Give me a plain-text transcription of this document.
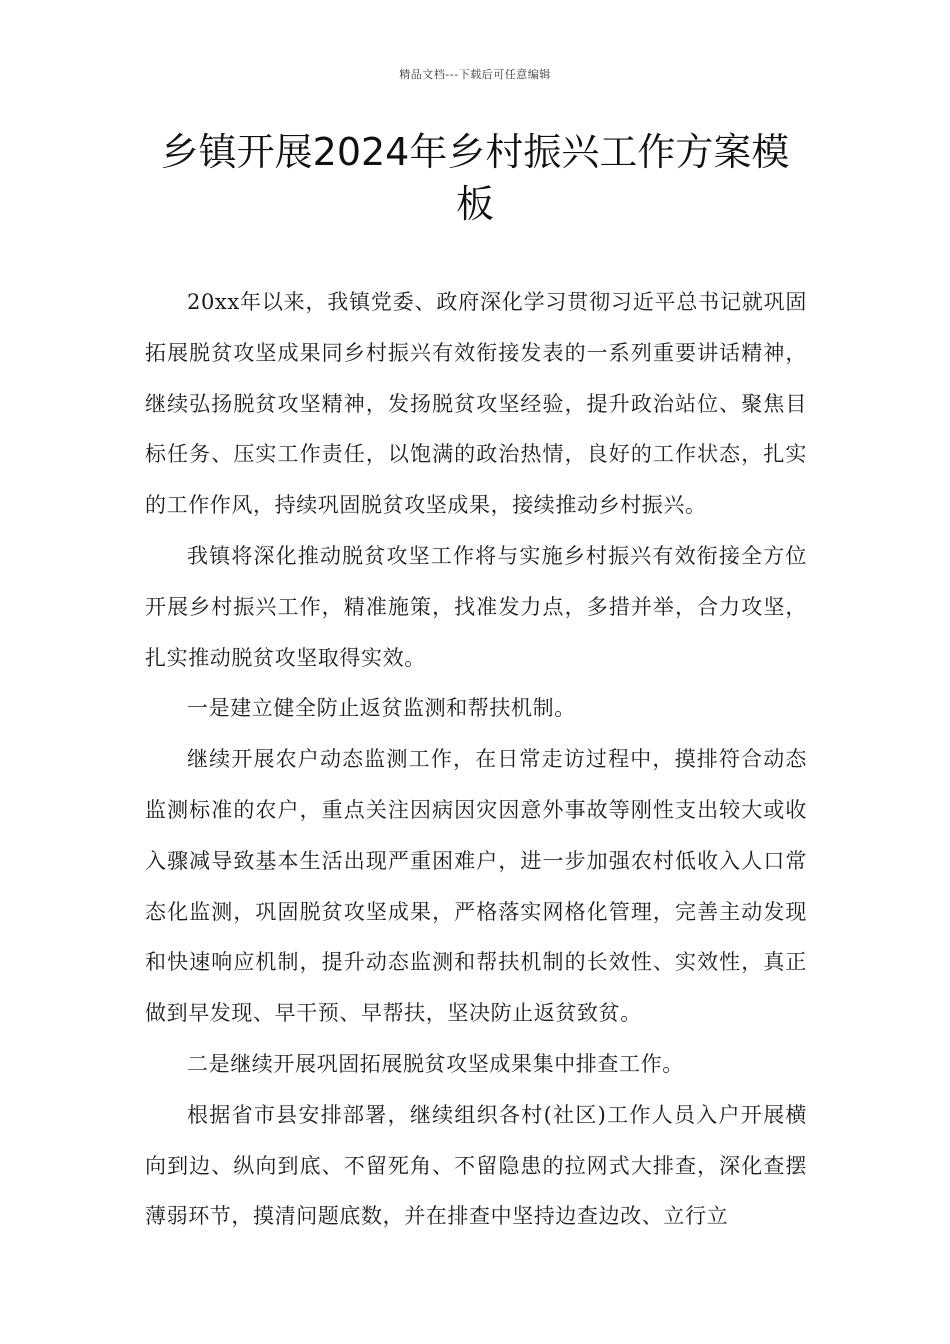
精品文档---下载后可任意编辑
乡镇开展2024年乡村振兴工作方案模板

20xx年以来，我镇党委、政府深化学习贯彻习近平总书记就巩固拓展脱贫攻坚成果同乡村振兴有效衔接发表的一系列重要讲话精神，继续弘扬脱贫攻坚精神，发扬脱贫攻坚经验，提升政治站位、聚焦目标任务、压实工作责任，以饱满的政治热情，良好的工作状态，扎实的工作作风，持续巩固脱贫攻坚成果，接续推动乡村振兴。

我镇将深化推动脱贫攻坚工作将与实施乡村振兴有效衔接全方位开展乡村振兴工作，精准施策，找准发力点，多措并举，合力攻坚，扎实推动脱贫攻坚取得实效。

一是建立健全防止返贫监测和帮扶机制。

继续开展农户动态监测工作，在日常走访过程中，摸排符合动态监测标准的农户，重点关注因病因灾因意外事故等刚性支出较大或收入骤减导致基本生活出现严重困难户，进一步加强农村低收入人口常态化监测，巩固脱贫攻坚成果，严格落实网格化管理，完善主动发现和快速响应机制，提升动态监测和帮扶机制的长效性、实效性，真正做到早发现、早干预、早帮扶，坚决防止返贫致贫。

二是继续开展巩固拓展脱贫攻坚成果集中排查工作。

根据省市县安排部署，继续组织各村(社区)工作人员入户开展横向到边、纵向到底、不留死角、不留隐患的拉网式大排查，深化查摆薄弱环节，摸清问题底数，并在排查中坚持边查边改、立行立
